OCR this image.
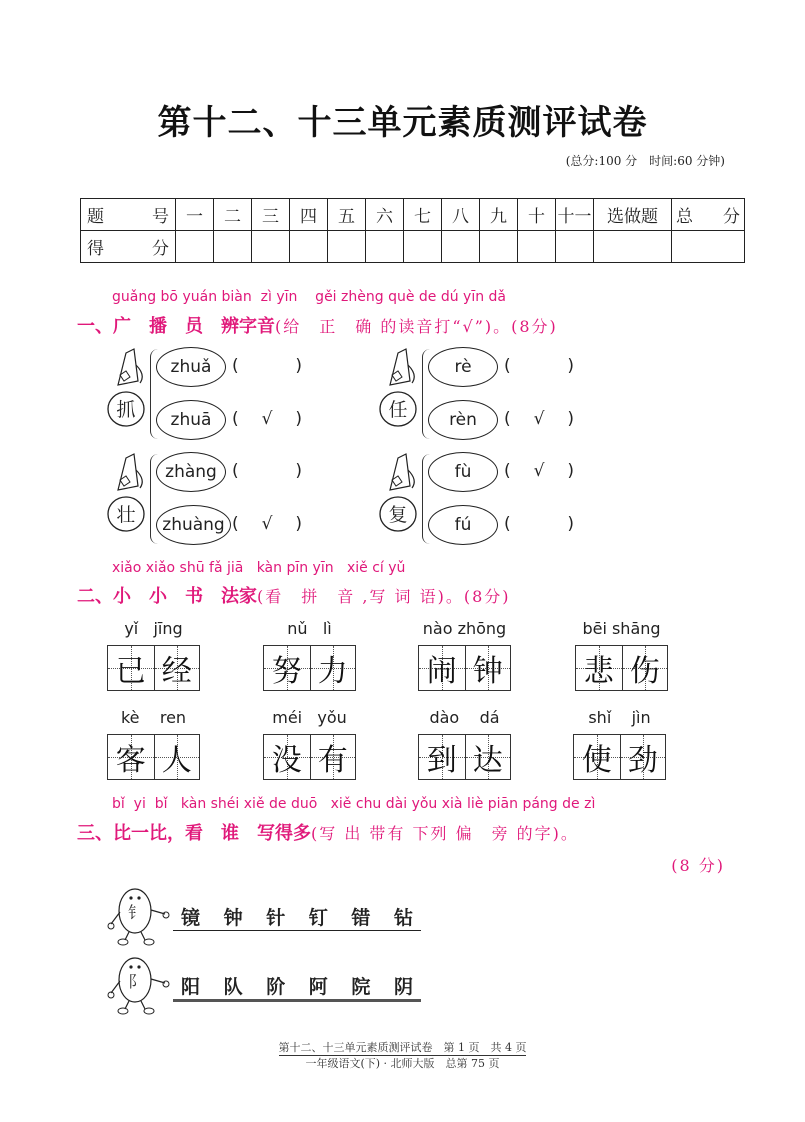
第十二、十三单元素质测评试卷
(总分:100 分　时间:60 分钟)
题　号	一	二	三	四	五	六	七	八	九	十	十一	选做题	总　分
得　分													
guǎng bō yuán biàn  zì yīn    gěi zhèng què de dú yīn dǎ
一、广　播　员　辨字音(给　正　确 的读音打“√”)。(8分)
抓
zhuǎ	(	)
zhuā	( √ )	任
rè	(	)
rèn	( √ )
壮
zhàng (	)
zhuàng ( √ )	复
fù	( √ )
fú	(	)
xiǎo xiǎo shū fǎ jiā   kàn pīn yīn   xiě cí yǔ
二、小　小　书　法家(看　拼　音 ,写 词 语)。(8分)
yǐ   jīng
已 经
nǔ   lì
努 力
nào zhōng
闹 钟
bēi shāng
悲 伤
kè    ren
客 人
méi   yǒu
没 有
dào    dá
到 达
shǐ    jìn
使 劲
bǐ  yi  bǐ   kàn shéi xiě de duō   xiě chu dài yǒu xià liè piān páng de zì
三、比一比，看　谁　写得多(写 出 带有 下列 偏　旁 的字)。
(8 分)
钅 镜 钟 针 钉 错 钻
阝 阳 队 阶 阿 院 阴
第十二、十三单元素质测评试卷　第 1 页　共 4 页
一年级语文(下) · 北师大版　总第 75 页
